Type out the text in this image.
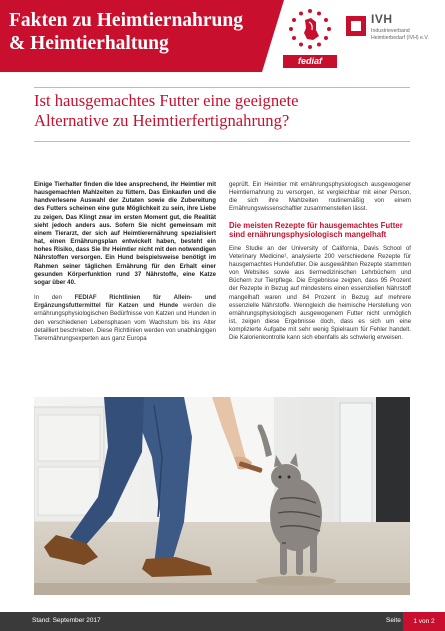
Fakten zu Heimtiernahrung
& Heimtierhaltung
fediaf
IVH
Industrieverband
Heimtierbedarf (IVH) e.V.
Ist hausgemachtes Futter eine geeignete
Alternative zu Heimtierfertignahrung?

Einige Tierhalter finden die Idee ansprechend, ihr Heimtier mit hausgemachten Mahlzeiten zu füttern. Das Einkaufen und die handverlesene Auswahl der Zutaten sowie die Zubereitung des Futters scheinen eine gute Möglichkeit zu sein, ihre Liebe zu zeigen. Das Klingt zwar im ersten Moment gut, die Realität sieht jedoch anders aus. Sofern Sie nicht gemeinsam mit einem Tierarzt, der sich auf Heimtierernährung spezialisiert hat, einen Ernährungsplan entwickelt haben, besteht ein hohes Risiko, dass Sie Ihr Heimtier nicht mit den notwendigen Nährstoffen versorgen. Ein Hund beispielsweise benötigt im Rahmen seiner täglichen Ernährung für den Erhalt einer gesunden Körperfunktion rund 37 Nährstoffe, eine Katze sogar über 40.

In den FEDIAF Richtlinien für Allein- und Ergänzungsfuttermittel für Katzen und Hunde werden die ernährungsphysiologischen Bedürfnisse von Katzen und Hunden in den verschiedenen Lebensphasen vom Wachstum bis ins Alter detailliert beschrieben. Diese Richtlinien werden von unabhängigen Tierernährungsexperten aus ganz Europa

geprüft. Ein Heimtier mit ernährungsphysiologisch ausgewogener Heimtiernahrung zu versorgen, ist vergleichbar mit einer Person, die sich ihre Mahlzeiten routinemäßig von einem Ernährungswissenschaftler zusammenstellen lässt.

Die meisten Rezepte für hausgemachtes Futter sind ernährungsphysiologisch mangelhaft

Eine Studie an der University of California, Davis School of Veterinary Medicine¹, analysierte 200 verschiedene Rezepte für hausgemachtes Hundefutter. Die ausgewählten Rezepte stammten von Websites sowie aus tiermedizinischen Lehrbüchern und Büchern zur Tierpflege. Die Ergebnisse zeigten, dass 95 Prozent der Rezepte in Bezug auf mindestens einen essenziellen Nährstoff mangelhaft waren und 84 Prozent in Bezug auf mehrere essenzielle Nährstoffe. Wenngleich die heimische Herstellung von ernährungsphysiologisch ausgewogenem Futter nicht unmöglich ist, zeigen diese Ergebnisse doch, dass es sich um eine komplizierte Aufgabe mit sehr wenig Spielraum für Fehler handelt. Die Kalorienkontrolle kann sich ebenfalls als schwierig erweisen.

Stand: September 2017	Seite	1 von 2
